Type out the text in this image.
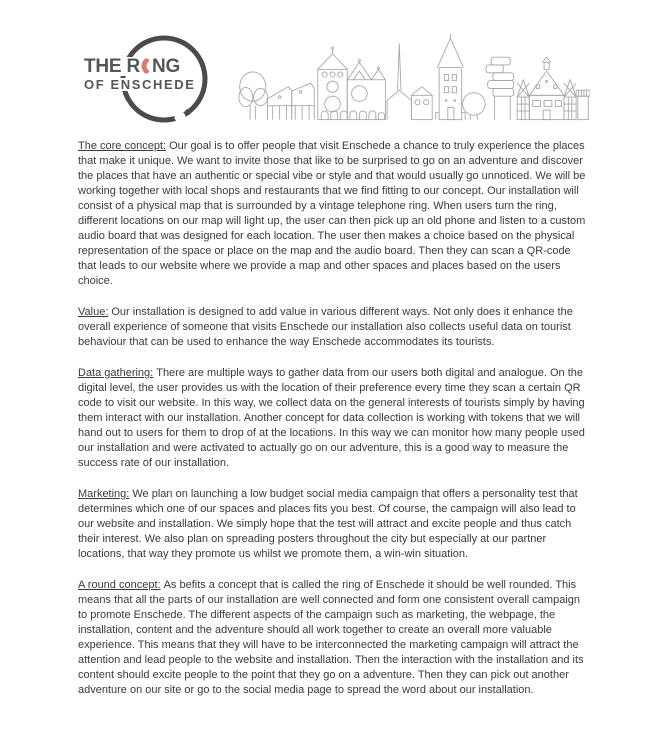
THE R NG
OF ENSCHEDE

The core concept: Our goal is to offer people that visit Enschede a chance to truly experience the places that make it unique. We want to invite those that like to be surprised to go on an adventure and discover the places that have an authentic or special vibe or style and that would usually go unnoticed. We will be working together with local shops and restaurants that we find fitting to our concept. Our installation will consist of a physical map that is surrounded by a vintage telephone ring. When users turn the ring, different locations on our map will light up, the user can then pick up an old phone and listen to a custom audio board that was designed for each location. The user then makes a choice based on the physical representation of the space or place on the map and the audio board. Then they can scan a QR-code that leads to our website where we provide a map and other spaces and places based on the users choice.

Value: Our installation is designed to add value in various different ways. Not only does it enhance the overall experience of someone that visits Enschede our installation also collects useful data on tourist behaviour that can be used to enhance the way Enschede accommodates its tourists.

Data gathering: There are multiple ways to gather data from our users both digital and analogue. On the digital level, the user provides us with the location of their preference every time they scan a certain QR code to visit our website. In this way, we collect data on the general interests of tourists simply by having them interact with our installation. Another concept for data collection is working with tokens that we will hand out to users for them to drop of at the locations. In this way we can monitor how many people used our installation and were activated to actually go on our adventure, this is a good way to measure the success rate of our installation.

Marketing: We plan on launching a low budget social media campaign that offers a personality test that determines which one of our spaces and places fits you best. Of course, the campaign will also lead to our website and installation. We simply hope that the test will attract and excite people and thus catch their interest. We also plan on spreading posters throughout the city but especially at our partner locations, that way they promote us whilst we promote them, a win-win situation.

A round concept: As befits a concept that is called the ring of Enschede it should be well rounded. This means that all the parts of our installation are well connected and form one consistent overall campaign to promote Enschede. The different aspects of the campaign such as marketing, the webpage, the installation, content and the adventure should all work together to create an overall more valuable experience. This means that they will have to be interconnected the marketing campaign will attract the attention and lead people to the website and installation. Then the interaction with the installation and its content should excite people to the point that they go on a adventure. Then they can pick out another adventure on our site or go to the social media page to spread the word about our installation.
